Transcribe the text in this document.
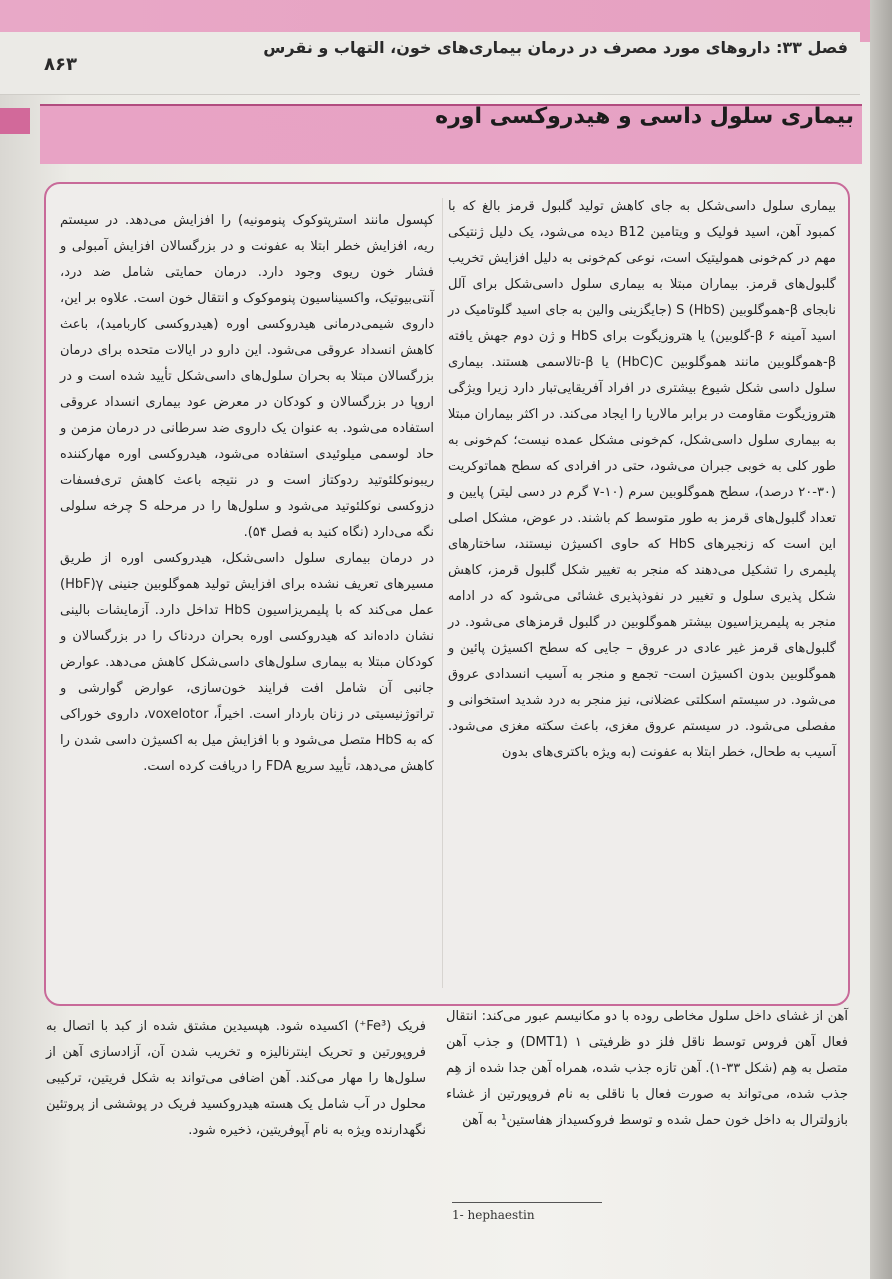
فصل ۳۳: داروهای مورد مصرف در درمان بیماری‌های خون، التهاب و نقرس
۸۶۳
بیماری سلول داسی و هیدروکسی اوره

بیماری سلول داسی‌شکل به جای کاهش تولید گلبول قرمز بالغ که با کمبود آهن، اسید فولیک و ویتامین B12 دیده می‌شود، یک دلیل ژنتیکی مهم در کم‌خونی همولیتیک است، نوعی کم‌خونی به دلیل افزایش تخریب گلبول‌های قرمز. بیماران مبتلا به بیماری سلول داسی‌شکل برای آلل نابجای β-هموگلوبین S (HbS) (جایگزینی والین به جای اسید گلوتامیک در اسید آمینه ۶ β-گلوبین) یا هتروزیگوت برای HbS و ژن دوم جهش یافته β-هموگلوبین مانند هموگلوبین HbC)C) یا β-تالاسمی هستند. بیماری سلول داسی شکل شیوع بیشتری در افراد آفریقایی‌تبار دارد زیرا ویژگی هتروزیگوت مقاومت در برابر مالاریا را ایجاد می‌کند. در اکثر بیماران مبتلا به بیماری سلول داسی‌شکل، کم‌خونی مشکل عمده نیست؛ کم‌خونی به طور کلی به خوبی جبران می‌شود، حتی در افرادی که سطح هماتوکریت (۳۰-۲۰ درصد)، سطح هموگلوبین سرم (۱۰-۷ گرم در دسی لیتر) پایین و تعداد گلبول‌های قرمز به طور متوسط کم باشند. در عوض، مشکل اصلی این است که زنجیرهای HbS که حاوی اکسیژن نیستند، ساختارهای پلیمری را تشکیل می‌دهند که منجر به تغییر شکل گلبول قرمز، کاهش شکل پذیری سلول و تغییر در نفوذپذیری غشائی می‌شود که در ادامه منجر به پلیمریزاسیون بیشتر هموگلوبین در گلبول قرمزهای می‌شود. در گلبول‌های قرمز غیر عادی در عروق – جایی که سطح اکسیژن پائین و هموگلوبین بدون اکسیژن است- تجمع و منجر به آسیب انسدادی عروق می‌شود. در سیستم اسکلتی عضلانی، نیز منجر به درد شدید استخوانی و مفصلی می‌شود. در سیستم عروق مغزی، باعث سکته مغزی می‌شود. آسیب به طحال، خطر ابتلا به عفونت (به ویژه باکتری‌های بدون

کپسول مانند استرپتوکوک پنومونیه) را افزایش می‌دهد. در سیستم ریه، افزایش خطر ابتلا به عفونت و در بزرگسالان افزایش آمبولی و فشار خون ریوی وجود دارد. درمان حمایتی شامل ضد درد، آنتی‌بیوتیک، واکسیناسیون پنوموکوک و انتقال خون است. علاوه بر این، داروی شیمی‌درمانی هیدروکسی اوره (هیدروکسی کاربامید)، باعث کاهش انسداد عروقی می‌شود. این دارو در ایالات متحده برای درمان بزرگسالان مبتلا به بحران سلول‌های داسی‌شکل تأیید شده است و در اروپا در بزرگسالان و کودکان در معرض عود بیماری انسداد عروقی استفاده می‌شود. به عنوان یک داروی ضد سرطانی در درمان مزمن و حاد لوسمی میلوئیدی استفاده می‌شود، هیدروکسی اوره مهارکننده ریبونوکلئوتید ردوکتاز است و در نتیجه باعث کاهش تری‌فسفات دزوکسی نوکلئوتید می‌شود و سلول‌ها را در مرحله S چرخه سلولی نگه می‌دارد (نگاه کنید به فصل ۵۴).

در درمان بیماری سلول داسی‌شکل، هیدروکسی اوره از طریق مسیرهای تعریف نشده برای افزایش تولید هموگلوبین جنینی HbF)γ) عمل می‌کند که با پلیمریزاسیون HbS تداخل دارد. آزمایشات بالینی نشان داده‌اند که هیدروکسی اوره بحران دردناک را در بزرگسالان و کودکان مبتلا به بیماری سلول‌های داسی‌شکل کاهش می‌دهد. عوارض جانبی آن شامل افت فرایند خون‌سازی، عوارض گوارشی و تراتوژنیسیتی در زنان باردار است. اخیراً، voxelotor، داروی خوراکی که به HbS متصل می‌شود و با افزایش میل به اکسیژن داسی شدن را کاهش می‌دهد، تأیید سریع FDA را دریافت کرده است.

آهن از غشای داخل سلول مخاطی روده با دو مکانیسم عبور می‌کند: انتقال فعال آهن فروس توسط ناقل فلز دو ظرفیتی ۱ (DMT1) و جذب آهن متصل به هِم (شکل ۳۳-۱). آهن تازه جذب شده، همراه آهن جدا شده از هِم جذب شده، می‌تواند به صورت فعال با ناقلی به نام فروپورتین از غشاء بازولترال به داخل خون حمل شده و توسط فروکسیداز هفاستین¹ به آهن

فریک (Fe³⁺) اکسیده شود. هپسیدین مشتق شده از کبد با اتصال به فروپورتین و تحریک اینترنالیزه و تخریب شدن آن، آزادسازی آهن از سلول‌ها را مهار می‌کند. آهن اضافی می‌تواند به شکل فریتین، ترکیبی محلول در آب شامل یک هسته هیدروکسید فریک در پوششی از پروتئین نگهدارنده ویژه به نام آپوفریتین، ذخیره شود.

1- hephaestin
